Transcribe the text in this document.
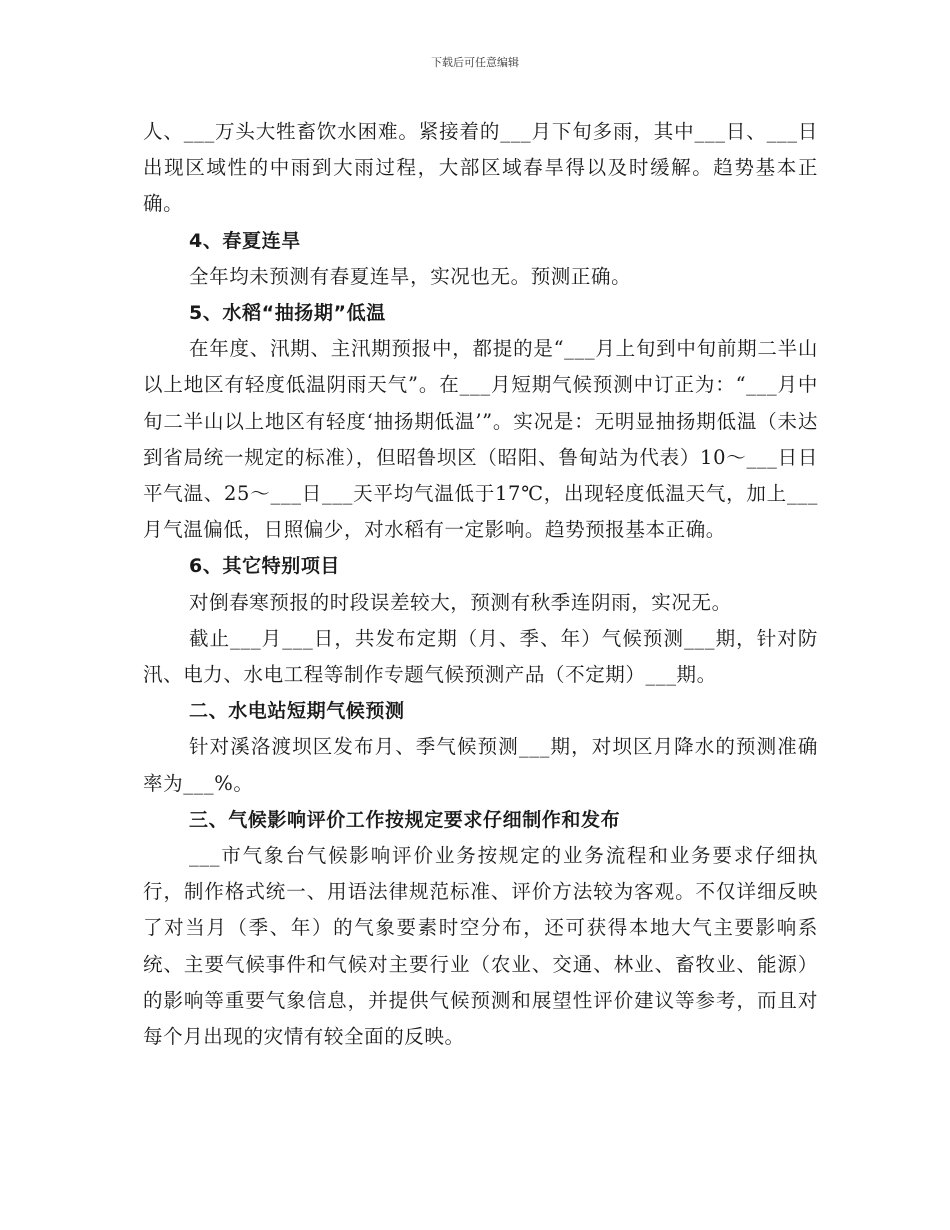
下载后可任意编辑

人、___万头大牲畜饮水困难。紧接着的___月下旬多雨，其中___日、___日出现区域性的中雨到大雨过程，大部区域春旱得以及时缓解。趋势基本正确。

4、春夏连旱

全年均未预测有春夏连旱，实况也无。预测正确。

5、水稻“抽扬期”低温

在年度、汛期、主汛期预报中，都提的是“___月上旬到中旬前期二半山以上地区有轻度低温阴雨天气”。在___月短期气候预测中订正为：“___月中旬二半山以上地区有轻度‘抽扬期低温’”。实况是：无明显抽扬期低温（未达到省局统一规定的标准），但昭鲁坝区（昭阳、鲁甸站为代表）10～___日日平气温、25～___日___天平均气温低于17℃，出现轻度低温天气，加上___月气温偏低，日照偏少，对水稻有一定影响。趋势预报基本正确。

6、其它特别项目

对倒春寒预报的时段误差较大，预测有秋季连阴雨，实况无。

截止___月___日，共发布定期（月、季、年）气候预测___期，针对防汛、电力、水电工程等制作专题气候预测产品（不定期）___期。

二、水电站短期气候预测

针对溪洛渡坝区发布月、季气候预测___期，对坝区月降水的预测准确率为___%。

三、气候影响评价工作按规定要求仔细制作和发布

___市气象台气候影响评价业务按规定的业务流程和业务要求仔细执行，制作格式统一、用语法律规范标准、评价方法较为客观。不仅详细反映了对当月（季、年）的气象要素时空分布，还可获得本地大气主要影响系统、主要气候事件和气候对主要行业（农业、交通、林业、畜牧业、能源）的影响等重要气象信息，并提供气候预测和展望性评价建议等参考，而且对每个月出现的灾情有较全面的反映。
